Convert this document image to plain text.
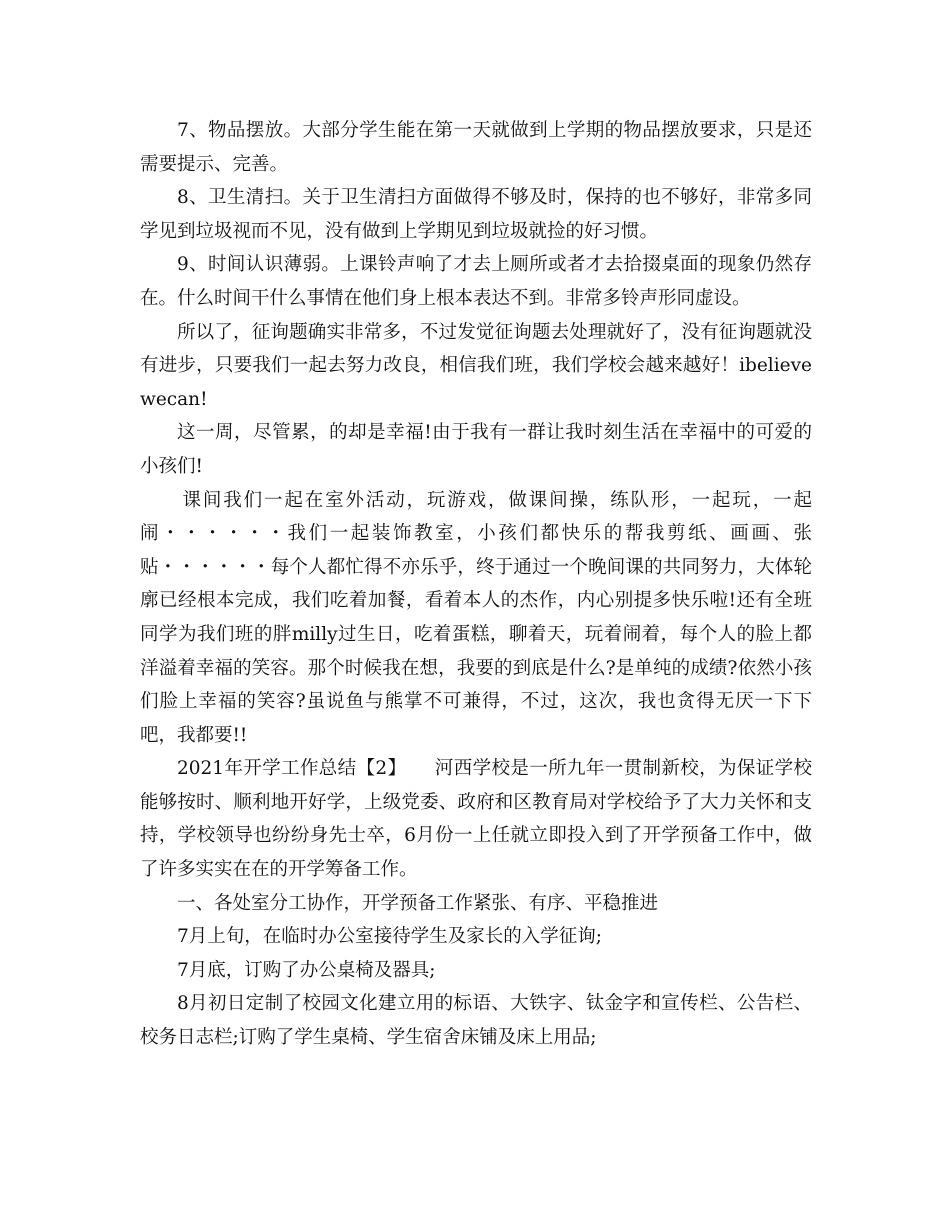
7、物品摆放。大部分学生能在第一天就做到上学期的物品摆放要求，只是还需要提示、完善。

8、卫生清扫。关于卫生清扫方面做得不够及时，保持的也不够好，非常多同学见到垃圾视而不见，没有做到上学期见到垃圾就捡的好习惯。

9、时间认识薄弱。上课铃声响了才去上厕所或者才去拾掇桌面的现象仍然存在。什么时间干什么事情在他们身上根本表达不到。非常多铃声形同虚设。

所以了，征询题确实非常多，不过发觉征询题去处理就好了，没有征询题就没有进步，只要我们一起去努力改良，相信我们班，我们学校会越来越好！ibelievewecan!

这一周，尽管累，的却是幸福!由于我有一群让我时刻生活在幸福中的可爱的小孩们!

课间我们一起在室外活动，玩游戏，做课间操，练队形，一起玩，一起闹・・・・・・我们一起装饰教室，小孩们都快乐的帮我剪纸、画画、张贴・・・・・・每个人都忙得不亦乐乎，终于通过一个晚间课的共同努力，大体轮廓已经根本完成，我们吃着加餐，看着本人的杰作，内心别提多快乐啦!还有全班同学为我们班的胖milly过生日，吃着蛋糕，聊着天，玩着闹着，每个人的脸上都洋溢着幸福的笑容。那个时候我在想，我要的到底是什么?是单纯的成绩?依然小孩们脸上幸福的笑容?虽说鱼与熊掌不可兼得，不过，这次，我也贪得无厌一下下吧，我都要!!

2021年开学工作总结【2】　　河西学校是一所九年一贯制新校，为保证学校能够按时、顺利地开好学，上级党委、政府和区教育局对学校给予了大力关怀和支持，学校领导也纷纷身先士卒，6月份一上任就立即投入到了开学预备工作中，做了许多实实在在的开学筹备工作。

一、各处室分工协作，开学预备工作紧张、有序、平稳推进

7月上旬，在临时办公室接待学生及家长的入学征询;

7月底，订购了办公桌椅及器具;

8月初日定制了校园文化建立用的标语、大铁字、钛金字和宣传栏、公告栏、校务日志栏;订购了学生桌椅、学生宿舍床铺及床上用品;
